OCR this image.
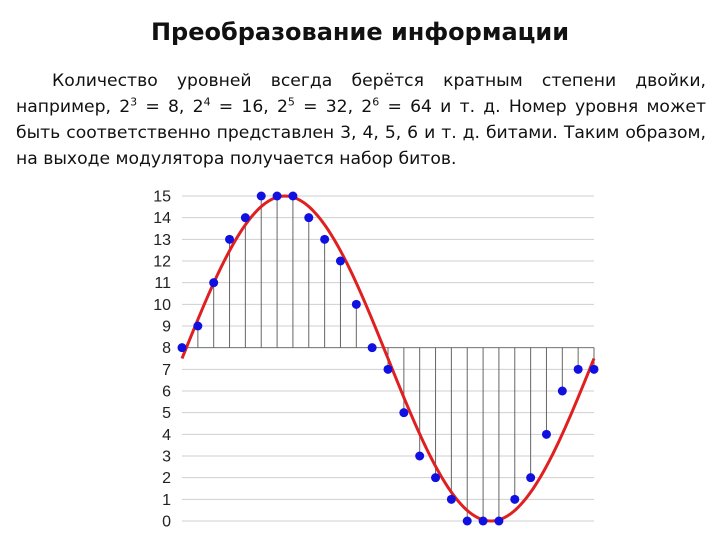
Преобразование информации

Количество уровней всегда берётся кратным степени двойки, например, $2^3 = 8$, $2^4 = 16$, $2^5 = 32$, $2^6 = 64$ и т. д. Номер уровня может быть соответственно представлен 3, 4, 5, 6 и т. д. битами. Таким образом, на выходе модулятора получается набор битов.

0
1
2
3
4
5
6
7
8
9
10
11
12
13
14
15
